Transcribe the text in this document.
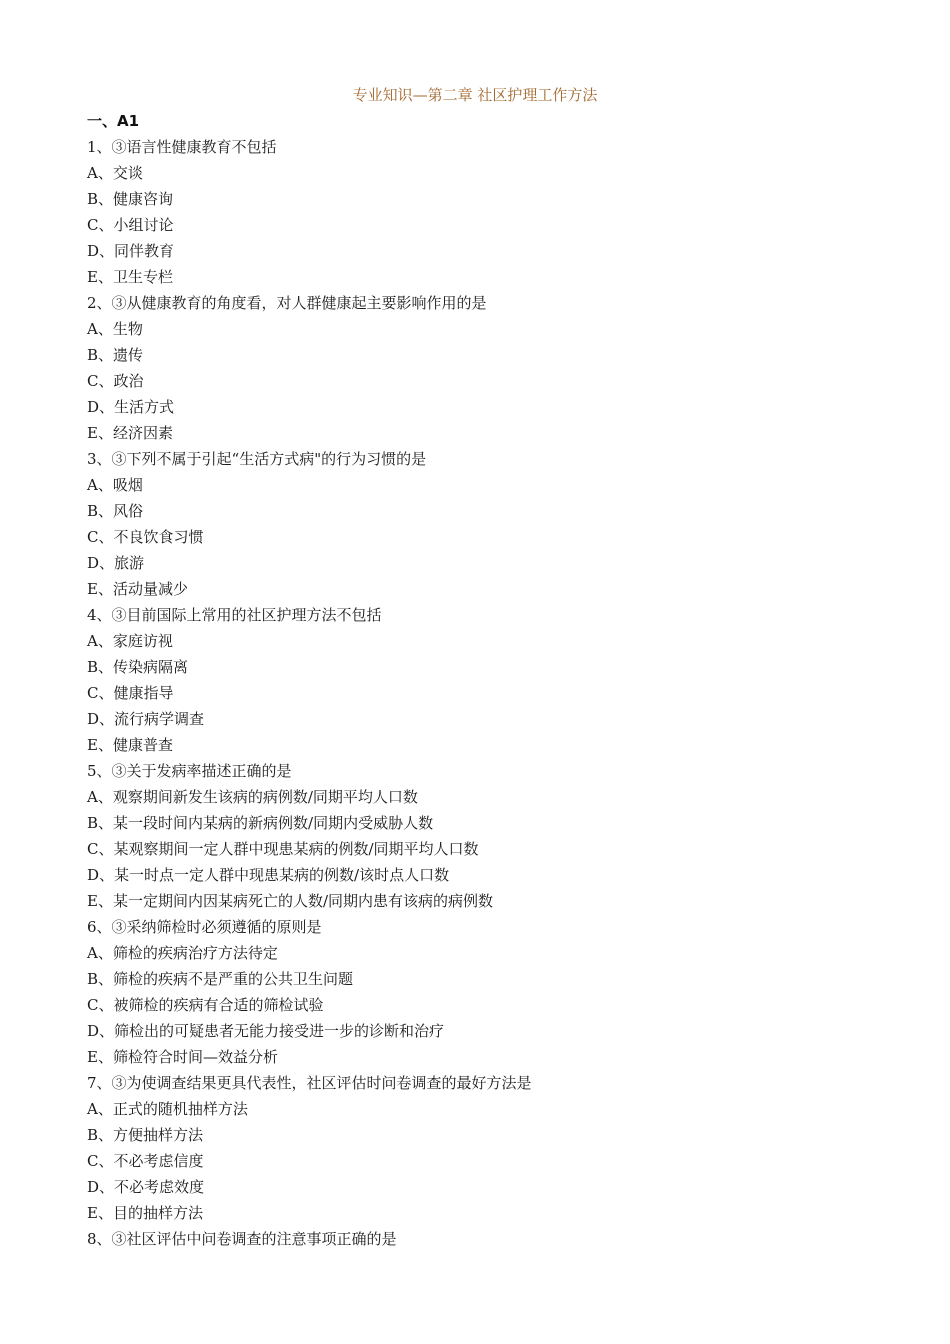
专业知识—第二章 社区护理工作方法
一、A1
1、③语言性健康教育不包括
A、交谈
B、健康咨询
C、小组讨论
D、同伴教育
E、卫生专栏
2、③从健康教育的角度看，对人群健康起主要影响作用的是
A、生物
B、遗传
C、政治
D、生活方式
E、经济因素
3、③下列不属于引起“生活方式病"的行为习惯的是
A、吸烟
B、风俗
C、不良饮食习惯
D、旅游
E、活动量减少
4、③目前国际上常用的社区护理方法不包括
A、家庭访视
B、传染病隔离
C、健康指导
D、流行病学调查
E、健康普查
5、③关于发病率描述正确的是
A、观察期间新发生该病的病例数/同期平均人口数
B、某一段时间内某病的新病例数/同期内受威胁人数
C、某观察期间一定人群中现患某病的例数/同期平均人口数
D、某一时点一定人群中现患某病的例数/该时点人口数
E、某一定期间内因某病死亡的人数/同期内患有该病的病例数
6、③采纳筛检时必须遵循的原则是
A、筛检的疾病治疗方法待定
B、筛检的疾病不是严重的公共卫生问题
C、被筛检的疾病有合适的筛检试验
D、筛检出的可疑患者无能力接受进一步的诊断和治疗
E、筛检符合时间—效益分析
7、③为使调查结果更具代表性，社区评估时问卷调查的最好方法是
A、正式的随机抽样方法
B、方便抽样方法
C、不必考虑信度
D、不必考虑效度
E、目的抽样方法
8、③社区评估中问卷调查的注意事项正确的是
